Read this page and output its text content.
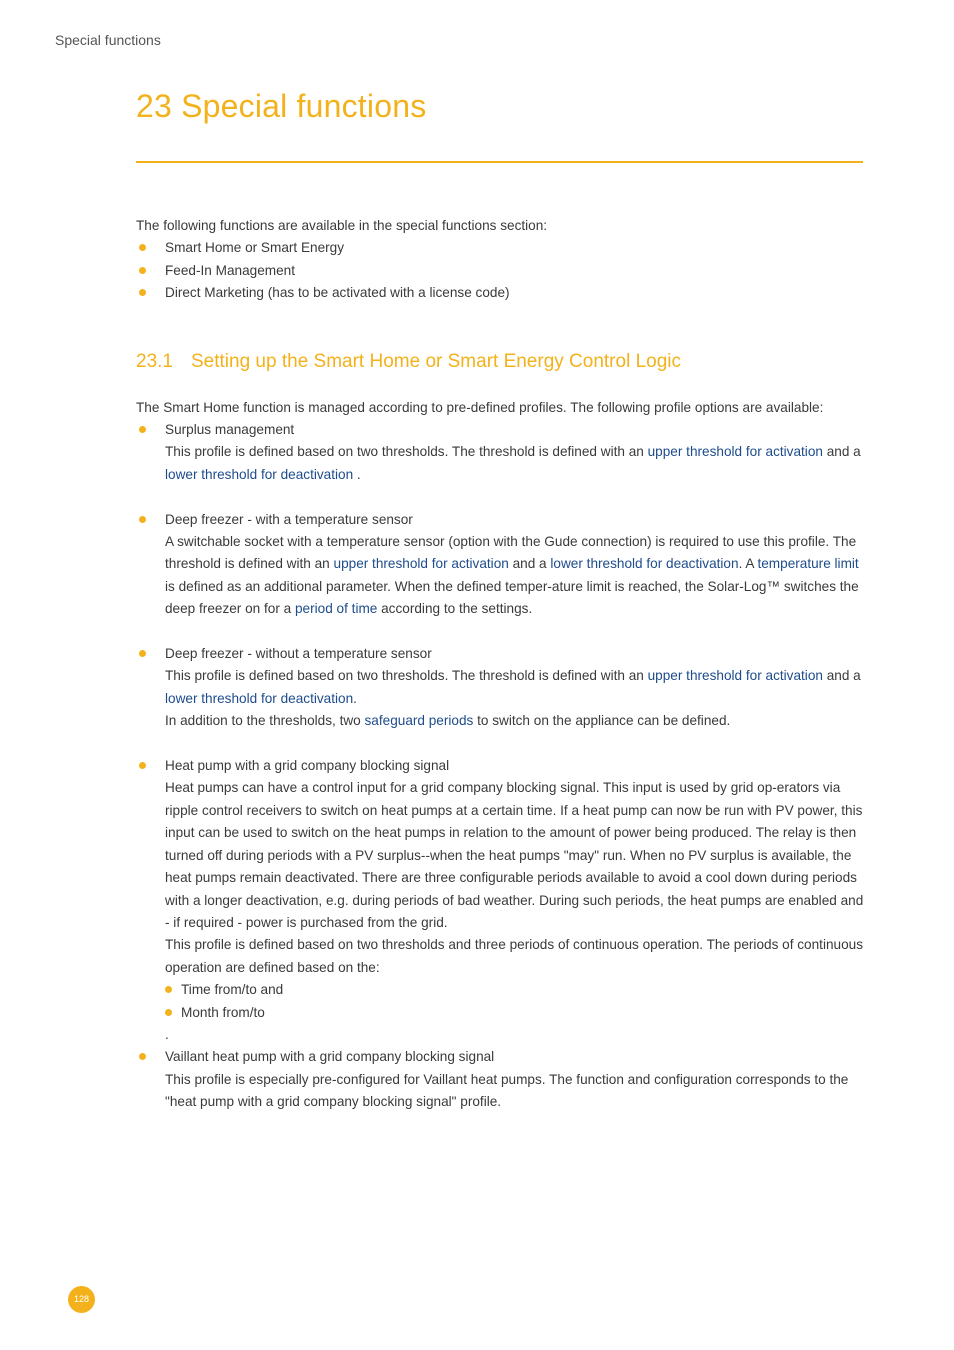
Special functions
23 Special functions

The following functions are available in the special functions section:

Smart Home or Smart Energy
Feed-In Management
Direct Marketing (has to be activated with a license code)
23.1 Setting up the Smart Home or Smart Energy Control Logic

The Smart Home function is managed according to pre-defined profiles. The following profile options are available:

Surplus management

This profile is defined based on two thresholds. The threshold is defined with an upper threshold for activation and a lower threshold for deactivation .

Deep freezer - with a temperature sensor

A switchable socket with a temperature sensor (option with the Gude connection) is required to use this profile. The threshold is defined with an upper threshold for activation and a lower threshold for deactivation. A temperature limit is defined as an additional parameter. When the defined temper-ature limit is reached, the Solar-Log™ switches the deep freezer on for a period of time according to the settings.

Deep freezer - without a temperature sensor

This profile is defined based on two thresholds. The threshold is defined with an upper threshold for activation and a lower threshold for deactivation.

In addition to the thresholds, two safeguard periods to switch on the appliance can be defined.

Heat pump with a grid company blocking signal

Heat pumps can have a control input for a grid company blocking signal. This input is used by grid op-erators via ripple control receivers to switch on heat pumps at a certain time. If a heat pump can now be run with PV power, this input can be used to switch on the heat pumps in relation to the amount of power being produced. The relay is then turned off during periods with a PV surplus--when the heat pumps "may" run. When no PV surplus is available, the heat pumps remain deactivated. There are three configurable periods available to avoid a cool down during periods with a longer deactivation, e.g. during periods of bad weather. During such periods, the heat pumps are enabled and - if required - power is purchased from the grid.

This profile is defined based on two thresholds and three periods of continuous operation. The periods of continuous operation are defined based on the:

Time from/to and
Month from/to

.

Vaillant heat pump with a grid company blocking signal

This profile is especially pre-configured for Vaillant heat pumps. The function and configuration corresponds to the "heat pump with a grid company blocking signal" profile.

128
